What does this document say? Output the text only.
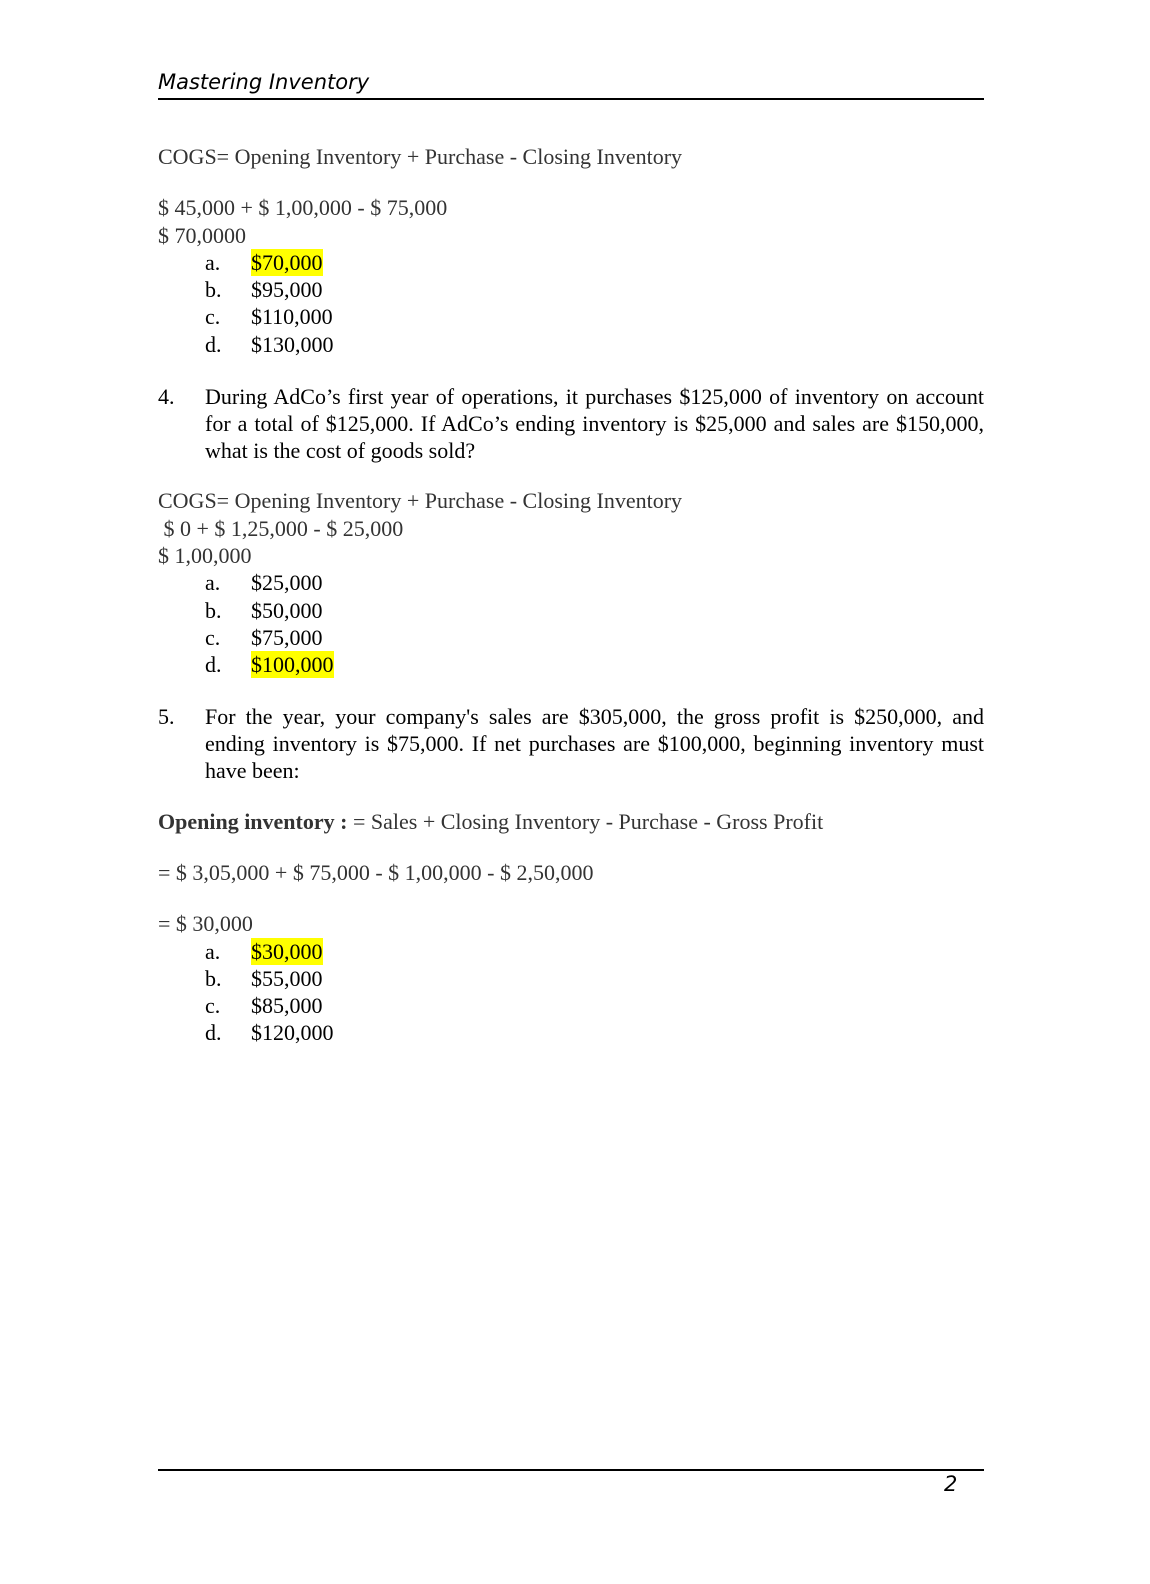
Mastering Inventory
COGS= Opening Inventory + Purchase - Closing Inventory
$ 45,000 + $ 1,00,000 - $ 75,000
$ 70,0000
a. $70,000
b. $95,000
c. $110,000
d. $130,000
4. During AdCo’s first year of operations, it purchases $125,000 of inventory on account for a total of $125,000. If AdCo’s ending inventory is $25,000 and sales are $150,000, what is the cost of goods sold?
COGS= Opening Inventory + Purchase - Closing Inventory
$ 0 + $ 1,25,000 - $ 25,000
$ 1,00,000
a. $25,000
b. $50,000
c. $75,000
d. $100,000
5. For the year, your company's sales are $305,000, the gross profit is $250,000, and ending inventory is $75,000. If net purchases are $100,000, beginning inventory must have been:
Opening inventory : = Sales + Closing Inventory - Purchase - Gross Profit
= $ 3,05,000 + $ 75,000 - $ 1,00,000 - $ 2,50,000
= $ 30,000
a. $30,000
b. $55,000
c. $85,000
d. $120,000
2
